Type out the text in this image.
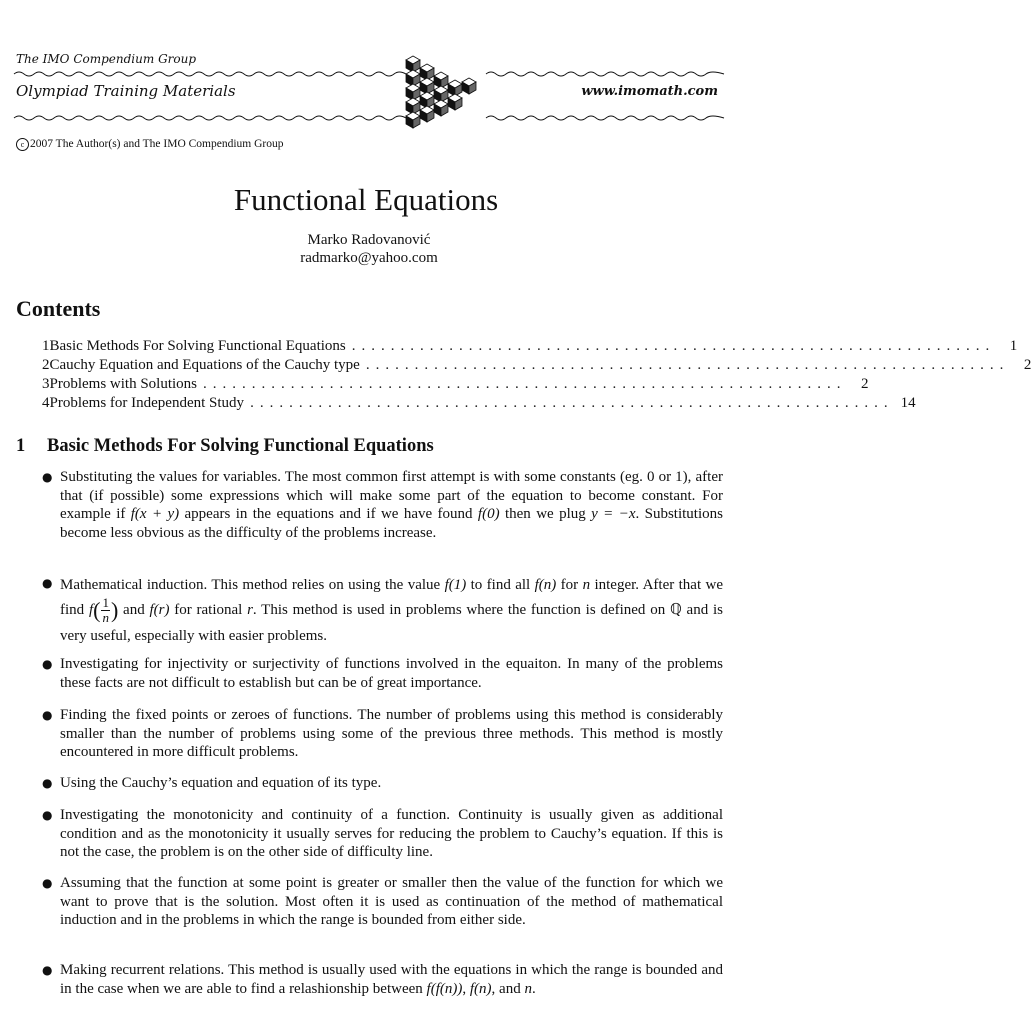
The IMO Compendium Group
Olympiad Training Materials	www.imomath.com
c 2007 The Author(s) and The IMO Compendium Group
Functional Equations
Marko Radovanović
radmarko@yahoo.com
Contents
1 Basic Methods For Solving Functional Equations .................................................................. 1
2 Cauchy Equation and Equations of the Cauchy type .................................................................. 2
3 Problems with Solutions .................................................................. 2
4 Problems for Independent Study .................................................................. 14
1 Basic Methods For Solving Functional Equations
● Substituting the values for variables. The most common first attempt is with some constants (eg. 0 or 1), after that (if possible) some expressions which will make some part of the equation to become constant. For example if f(x + y) appears in the equations and if we have found f(0) then we plug y = −x. Substitutions become less obvious as the difficulty of the problems increase.
● Mathematical induction. This method relies on using the value f(1) to find all f(n) for n integer. After that we find $f( \frac{1}{n}$ ) and f(r) for rational r. This method is used in problems where the function is defined on ℚ and is very useful, especially with easier problems.
● Investigating for injectivity or surjectivity of functions involved in the equaiton. In many of the problems these facts are not difficult to establish but can be of great importance.
● Finding the fixed points or zeroes of functions. The number of problems using this method is considerably smaller than the number of problems using some of the previous three methods. This method is mostly encountered in more difficult problems.
● Using the Cauchy’s equation and equation of its type.
● Investigating the monotonicity and continuity of a function. Continuity is usually given as additional condition and as the monotonicity it usually serves for reducing the problem to Cauchy’s equation. If this is not the case, the problem is on the other side of difficulty line.
● Assuming that the function at some point is greater or smaller then the value of the function for which we want to prove that is the solution. Most often it is used as continuation of the method of mathematical induction and in the problems in which the range is bounded from either side.
● Making recurrent relations. This method is usually used with the equations in which the range is bounded and in the case when we are able to find a relashionship between f(f(n)), f(n), and n.
